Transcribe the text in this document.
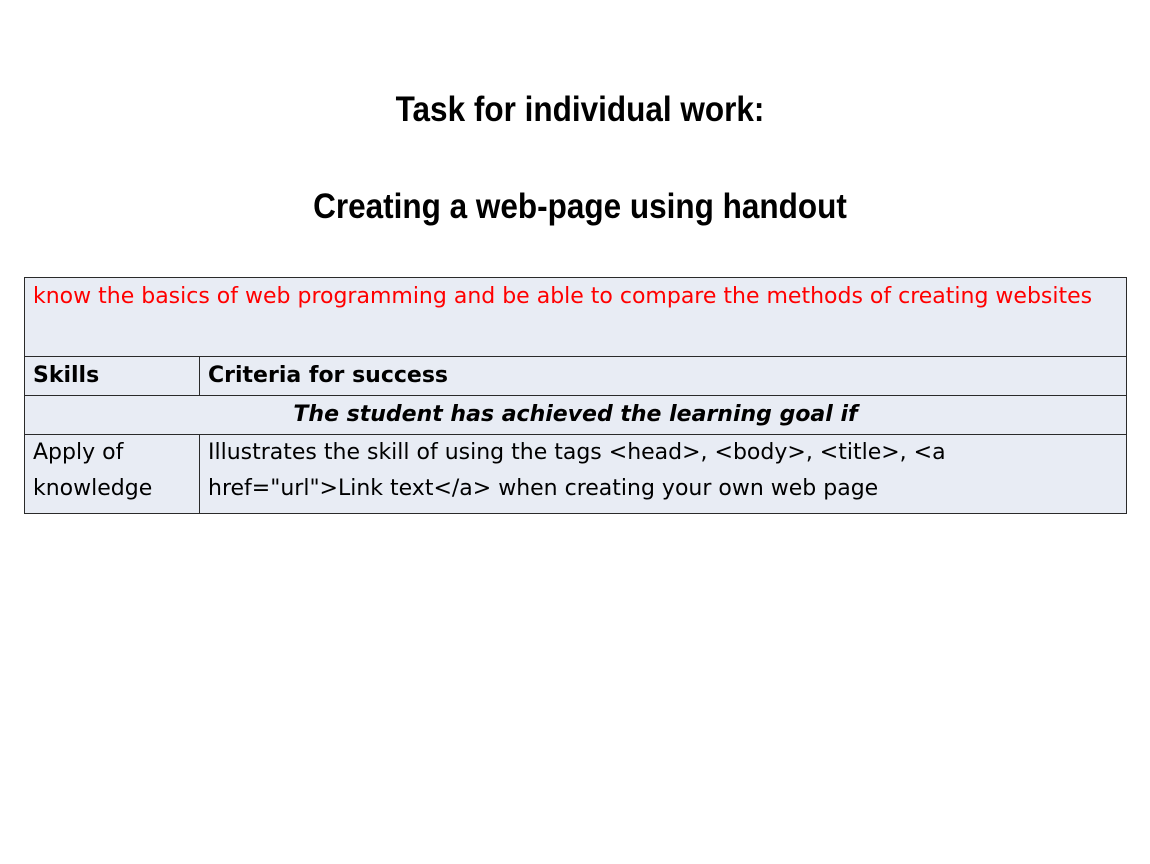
Task for individual work:
Creating a web-page using handout
know the basics of web programming and be able to compare the methods of creating websites	
Skills	Criteria for success
The student has achieved the learning goal if	
Apply of knowledge	Illustrates the skill of using the tags <head>, <body>, <title>, <a href="url">Link text</a> when creating your own web page
